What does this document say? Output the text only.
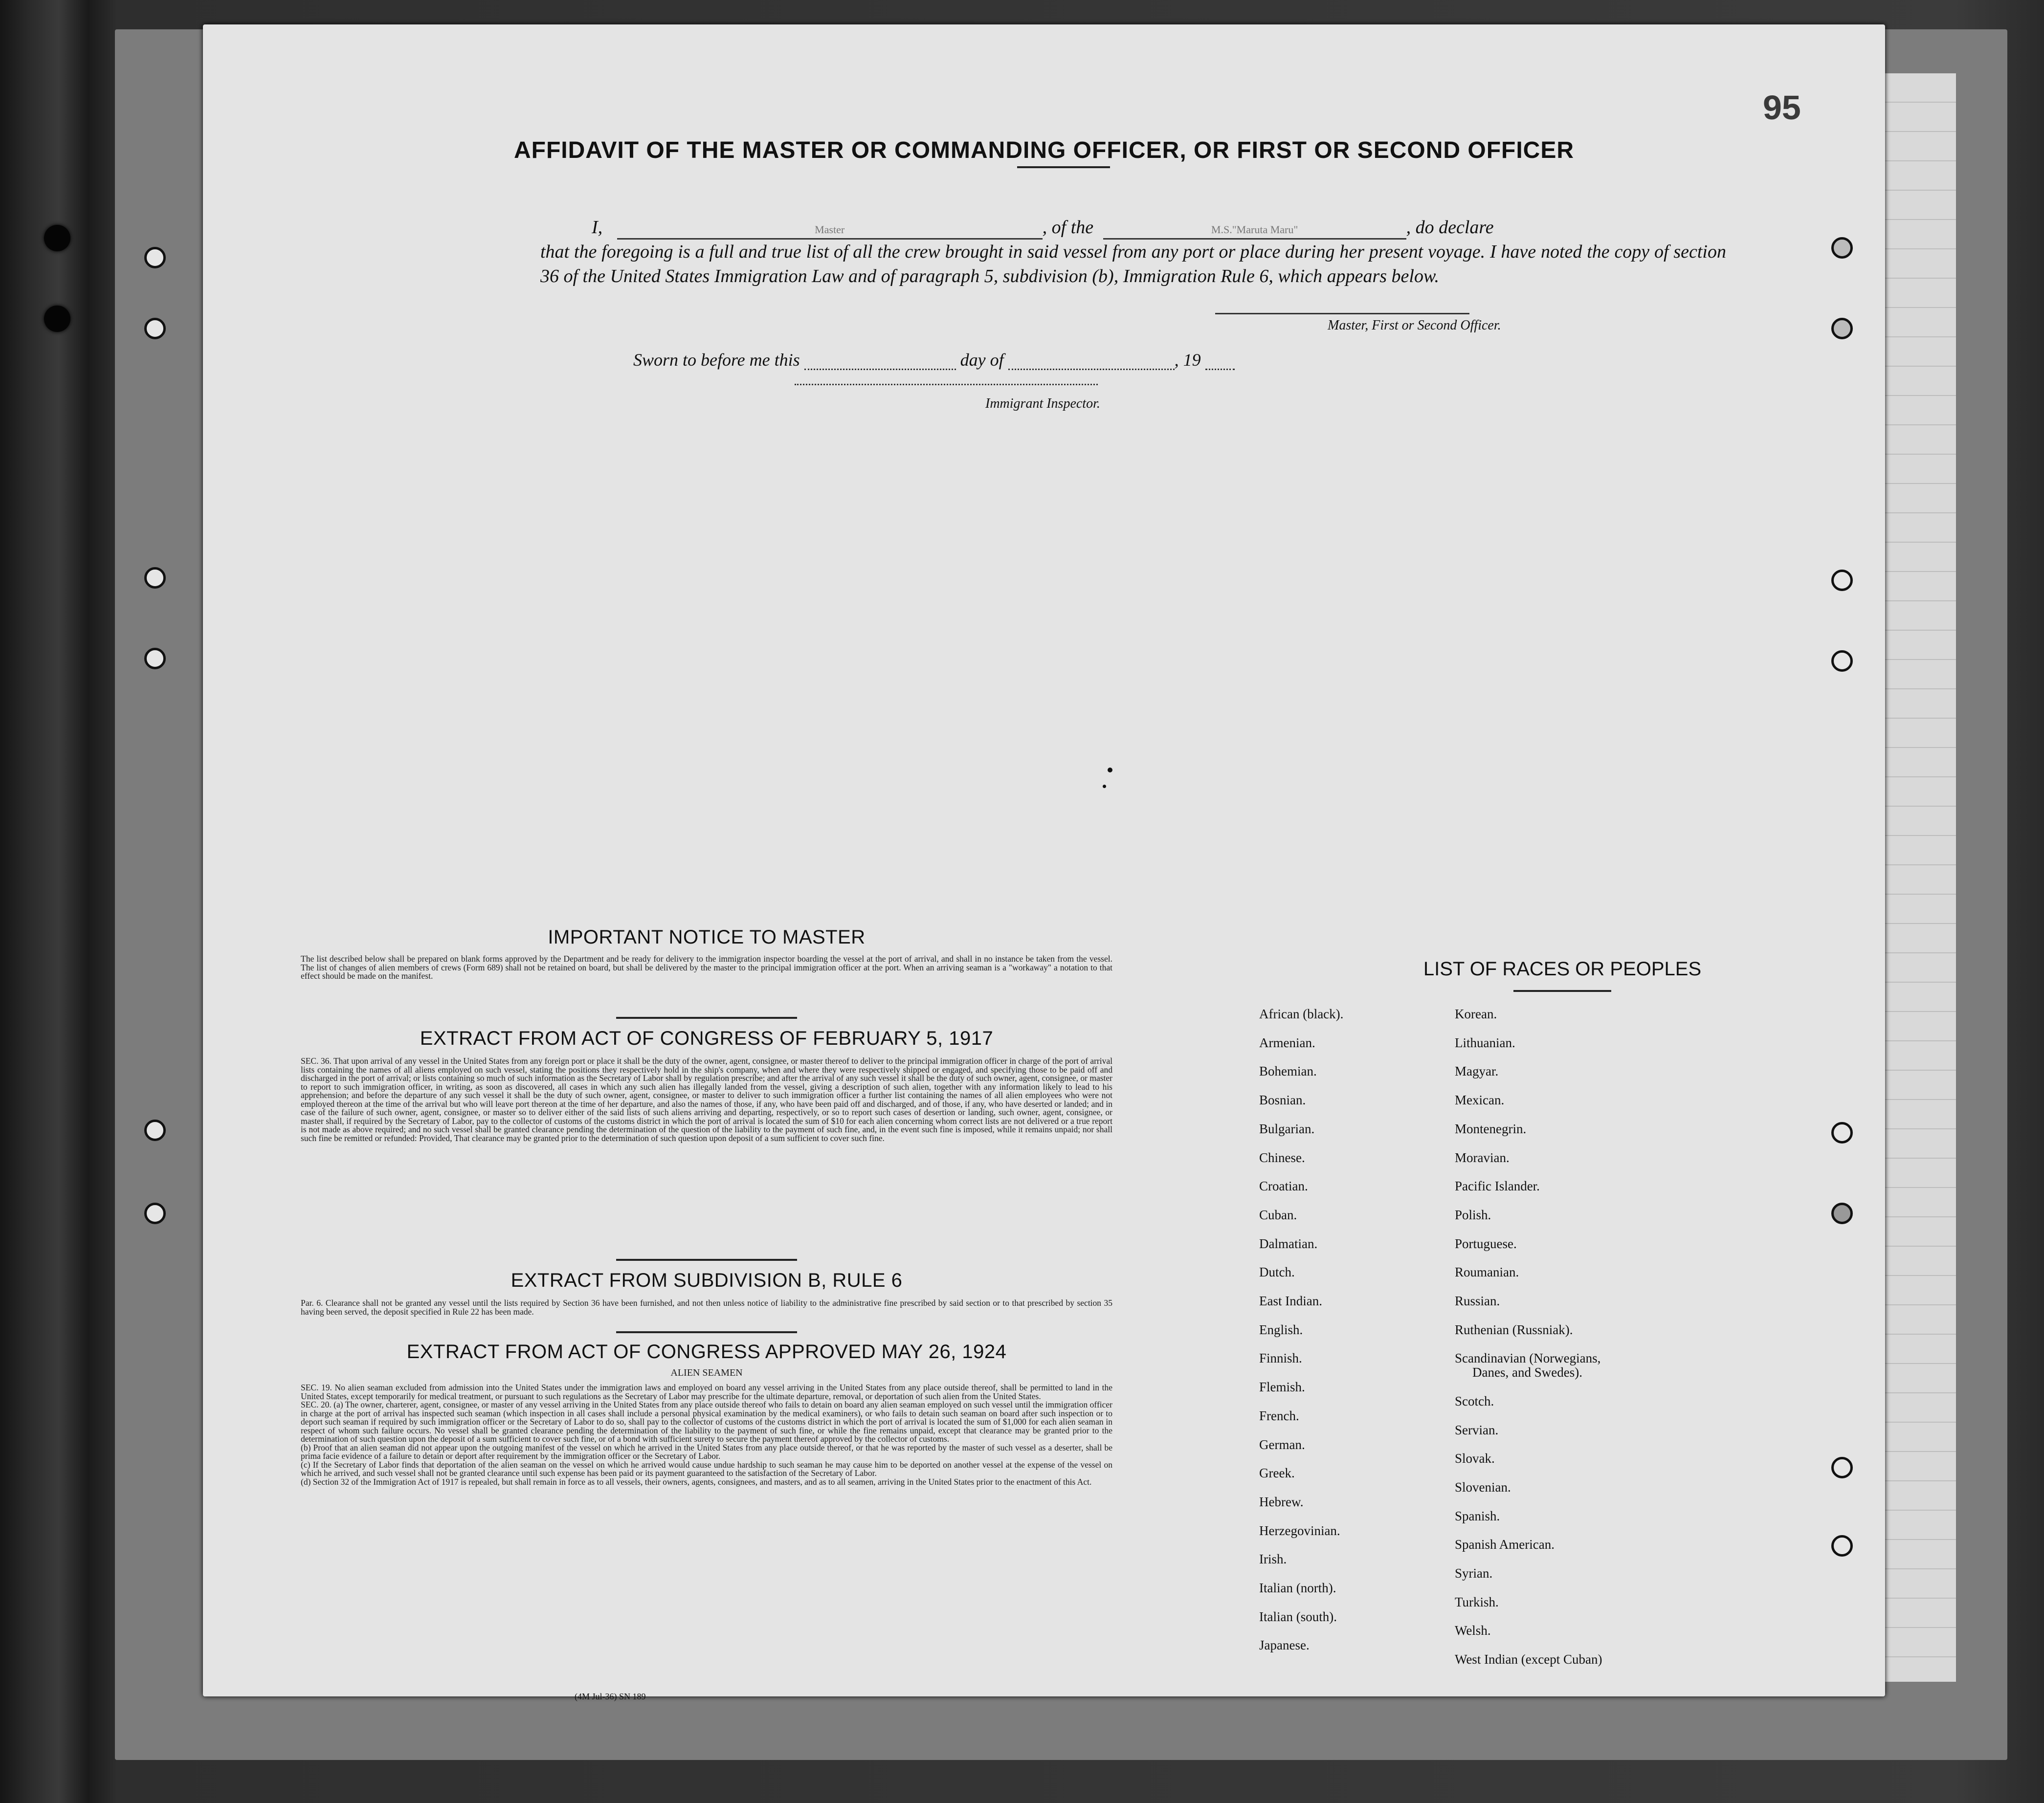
95
AFFIDAVIT OF THE MASTER OR COMMANDING OFFICER, OR FIRST OR SECOND OFFICER
I,	Master	, of the	M.S."Maruta Maru"	, do declare
that the foregoing is a full and true list of all the crew brought in said vessel from any port or place during her present voyage. I have noted the copy of section 36 of the United States Immigration Law and of paragraph 5, subdivision (b), Immigration Rule 6, which appears below.
Master, First or Second Officer.
Sworn to before me this	day of	, 19
Immigrant Inspector.
IMPORTANT NOTICE TO MASTER

The list described below shall be prepared on blank forms approved by the Department and be ready for delivery to the immigration inspector boarding the vessel at the port of arrival, and shall in no instance be taken from the vessel. The list of changes of alien members of crews (Form 689) shall not be retained on board, but shall be delivered by the master to the principal immigration officer at the port. When an arriving seaman is a "workaway" a notation to that effect should be made on the manifest.

EXTRACT FROM ACT OF CONGRESS OF FEBRUARY 5, 1917

SEC. 36. That upon arrival of any vessel in the United States from any foreign port or place it shall be the duty of the owner, agent, consignee, or master thereof to deliver to the principal immigration officer in charge of the port of arrival lists containing the names of all aliens employed on such vessel, stating the positions they respectively hold in the ship's company, when and where they were respectively shipped or engaged, and specifying those to be paid off and discharged in the port of arrival; or lists containing so much of such information as the Secretary of Labor shall by regulation prescribe; and after the arrival of any such vessel it shall be the duty of such owner, agent, consignee, or master to report to such immigration officer, in writing, as soon as discovered, all cases in which any such alien has illegally landed from the vessel, giving a description of such alien, together with any information likely to lead to his apprehension; and before the departure of any such vessel it shall be the duty of such owner, agent, consignee, or master to deliver to such immigration officer a further list containing the names of all alien employees who were not employed thereon at the time of the arrival but who will leave port thereon at the time of her departure, and also the names of those, if any, who have been paid off and discharged, and of those, if any, who have deserted or landed; and in case of the failure of such owner, agent, consignee, or master so to deliver either of the said lists of such aliens arriving and departing, respectively, or so to report such cases of desertion or landing, such owner, agent, consignee, or master shall, if required by the Secretary of Labor, pay to the collector of customs of the customs district in which the port of arrival is located the sum of $10 for each alien concerning whom correct lists are not delivered or a true report is not made as above required; and no such vessel shall be granted clearance pending the determination of the question of the liability to the payment of such fine, and, in the event such fine is imposed, while it remains unpaid; nor shall such fine be remitted or refunded: Provided, That clearance may be granted prior to the determination of such question upon deposit of a sum sufficient to cover such fine.

EXTRACT FROM SUBDIVISION B, RULE 6

Par. 6. Clearance shall not be granted any vessel until the lists required by Section 36 have been furnished, and not then unless notice of liability to the administrative fine prescribed by said section or to that prescribed by section 35 having been served, the deposit specified in Rule 22 has been made.

EXTRACT FROM ACT OF CONGRESS APPROVED MAY 26, 1924
ALIEN SEAMEN

SEC. 19. No alien seaman excluded from admission into the United States under the immigration laws and employed on board any vessel arriving in the United States from any place outside thereof, shall be permitted to land in the United States, except temporarily for medical treatment, or pursuant to such regulations as the Secretary of Labor may prescribe for the ultimate departure, removal, or deportation of such alien from the United States.

SEC. 20. (a) The owner, charterer, agent, consignee, or master of any vessel arriving in the United States from any place outside thereof who fails to detain on board any alien seaman employed on such vessel until the immigration officer in charge at the port of arrival has inspected such seaman (which inspection in all cases shall include a personal physical examination by the medical examiners), or who fails to detain such seaman on board after such inspection or to deport such seaman if required by such immigration officer or the Secretary of Labor to do so, shall pay to the collector of customs of the customs district in which the port of arrival is located the sum of $1,000 for each alien seaman in respect of whom such failure occurs. No vessel shall be granted clearance pending the determination of the liability to the payment of such fine, or while the fine remains unpaid, except that clearance may be granted prior to the determination of such question upon the deposit of a sum sufficient to cover such fine, or of a bond with sufficient surety to secure the payment thereof approved by the collector of customs.

(b) Proof that an alien seaman did not appear upon the outgoing manifest of the vessel on which he arrived in the United States from any place outside thereof, or that he was reported by the master of such vessel as a deserter, shall be prima facie evidence of a failure to detain or deport after requirement by the immigration officer or the Secretary of Labor.

(c) If the Secretary of Labor finds that deportation of the alien seaman on the vessel on which he arrived would cause undue hardship to such seaman he may cause him to be deported on another vessel at the expense of the vessel on which he arrived, and such vessel shall not be granted clearance until such expense has been paid or its payment guaranteed to the satisfaction of the Secretary of Labor.

(d) Section 32 of the Immigration Act of 1917 is repealed, but shall remain in force as to all vessels, their owners, agents, consignees, and masters, and as to all seamen, arriving in the United States prior to the enactment of this Act.

LIST OF RACES OR PEOPLES
African (black).
Armenian.
Bohemian.
Bosnian.
Bulgarian.
Chinese.
Croatian.
Cuban.
Dalmatian.
Dutch.
East Indian.
English.
Finnish.
Flemish.
French.
German.
Greek.
Hebrew.
Herzegovinian.
Irish.
Italian (north).
Italian (south).
Japanese.
Korean.
Lithuanian.
Magyar.
Mexican.
Montenegrin.
Moravian.
Pacific Islander.
Polish.
Portuguese.
Roumanian.
Russian.
Ruthenian (Russniak).
Scandinavian (Norwegians,
Danes, and Swedes).
Scotch.
Servian.
Slovak.
Slovenian.
Spanish.
Spanish American.
Syrian.
Turkish.
Welsh.
West Indian (except Cuban)
(4M Jul-36) SN 189
